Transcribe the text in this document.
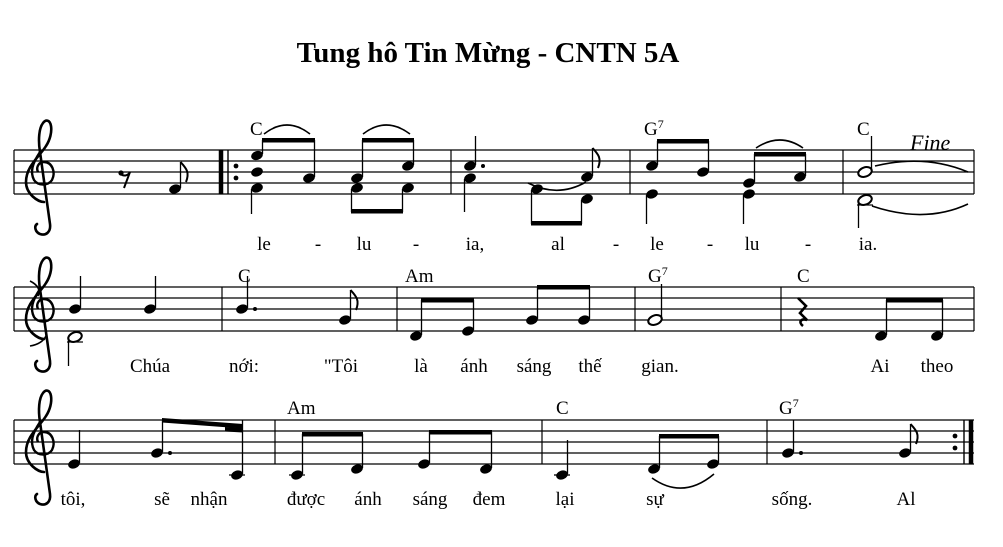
Tung hô Tin Mừng - CNTN 5A
Fine
C	$G^7$	C
le - lu - ia,	al	- le - lu -	ia.
C	Am	$G^7$	C
Chúa	nới:	"Tôi	là ánh sáng thế gian.	Ai theo
Am	C	$G^7$
tôi,	sẽ nhận	được ánh sáng đem	lại	sự	sống.	Al
